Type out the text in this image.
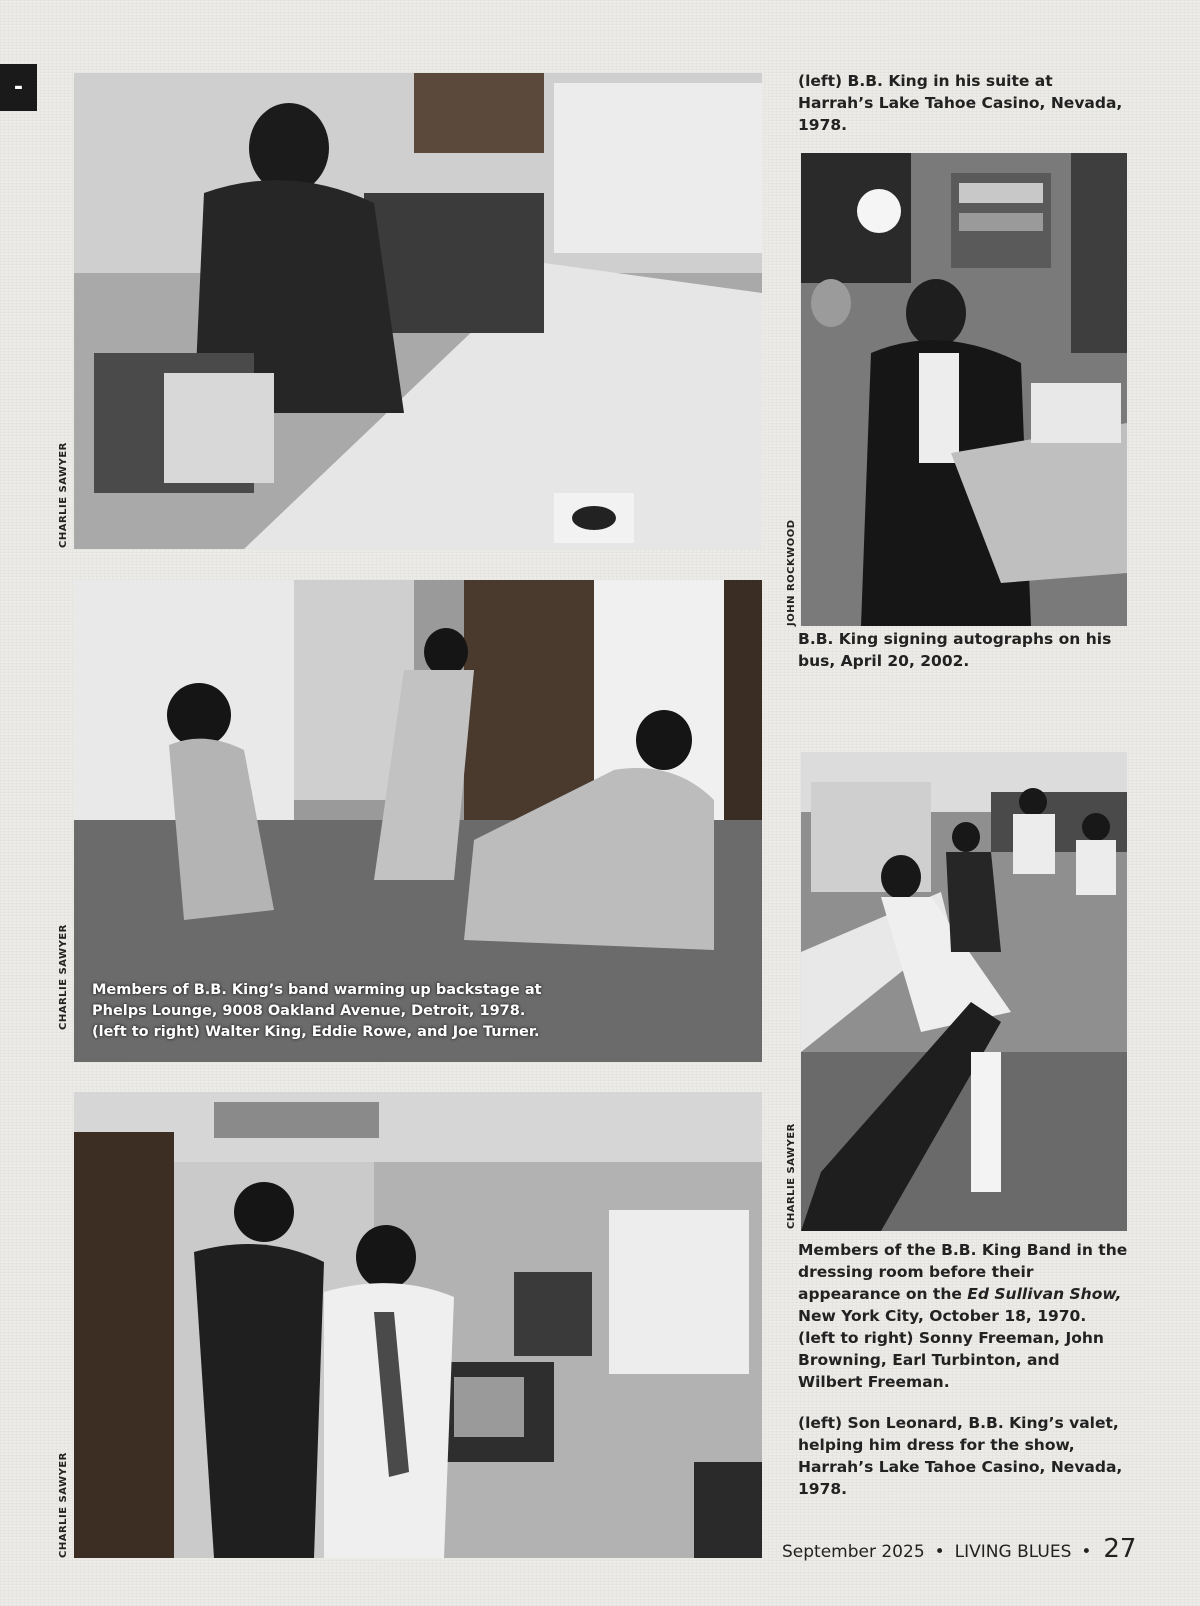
-
CHARLIE SAWYER
JOHN ROCKWOOD
CHARLIE SAWYER Members of B.B. King’s band warming up backstage at Phelps Lounge, 9008 Oakland Avenue, Detroit, 1978. (left to right) Walter King, Eddie Rowe, and Joe Turner.
CHARLIE SAWYER
CHARLIE SAWYER
(left) B.B. King in his suite at Harrah’s Lake Tahoe Casino, Nevada, 1978.
B.B. King signing autographs on his bus, April 20, 2002.
Members of the B.B. King Band in the dressing room before their appearance on the Ed Sullivan Show, New York City, October 18, 1970. (left to right) Sonny Freeman, John Browning, Earl Turbinton, and Wilbert Freeman.
(left) Son Leonard, B.B. King’s valet, helping him dress for the show, Harrah’s Lake Tahoe Casino, Nevada, 1978.
September 2025 • LIVING BLUES • 27
